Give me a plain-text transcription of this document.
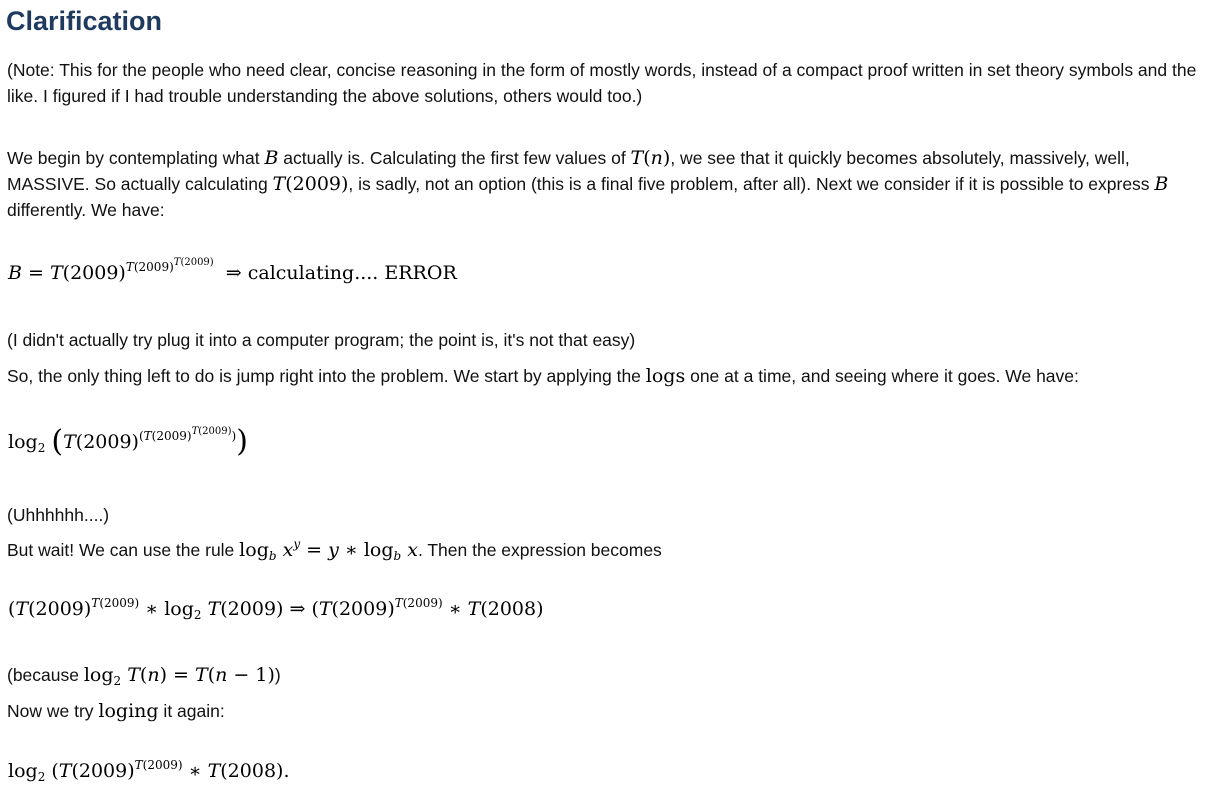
Clarification

(Note: This for the people who need clear, concise reasoning in the form of mostly words, instead of a compact proof written in set theory symbols and the like. I figured if I had trouble understanding the above solutions, others would too.)

We begin by contemplating what B actually is. Calculating the first few values of T(n), we see that it quickly becomes absolutely, massively, well, MASSIVE. So actually calculating T(2009), is sadly, not an option (this is a final five problem, after all). Next we consider if it is possible to express B differently. We have:

$B = T(2009)^{T(2009)^{T(2009)}}$  ⇒ calculating.... ERROR

(I didn't actually try plug it into a computer program; the point is, it's not that easy)

So, the only thing left to do is jump right into the problem. We start by applying the logs one at a time, and seeing where it goes. We have:

$\log_2 (T(2009)^{(T(2009)^{T(2009)})})$

(Uhhhhhh....)

But wait! We can use the rule $\log_b x^y = y$ ∗ $\log_b x$. Then the expression becomes

($T(2009)^{T(2009)}$ ∗ $\log_2 T(2009)$ ⇒ ($T(2009)^{T(2009)}$ ∗ T(2008)

(because $\log_2 T(n) = T(n - 1)$)

Now we try loging it again:

$\log_2 (T(2009)^{T(2009)}$ ∗ T(2008).
